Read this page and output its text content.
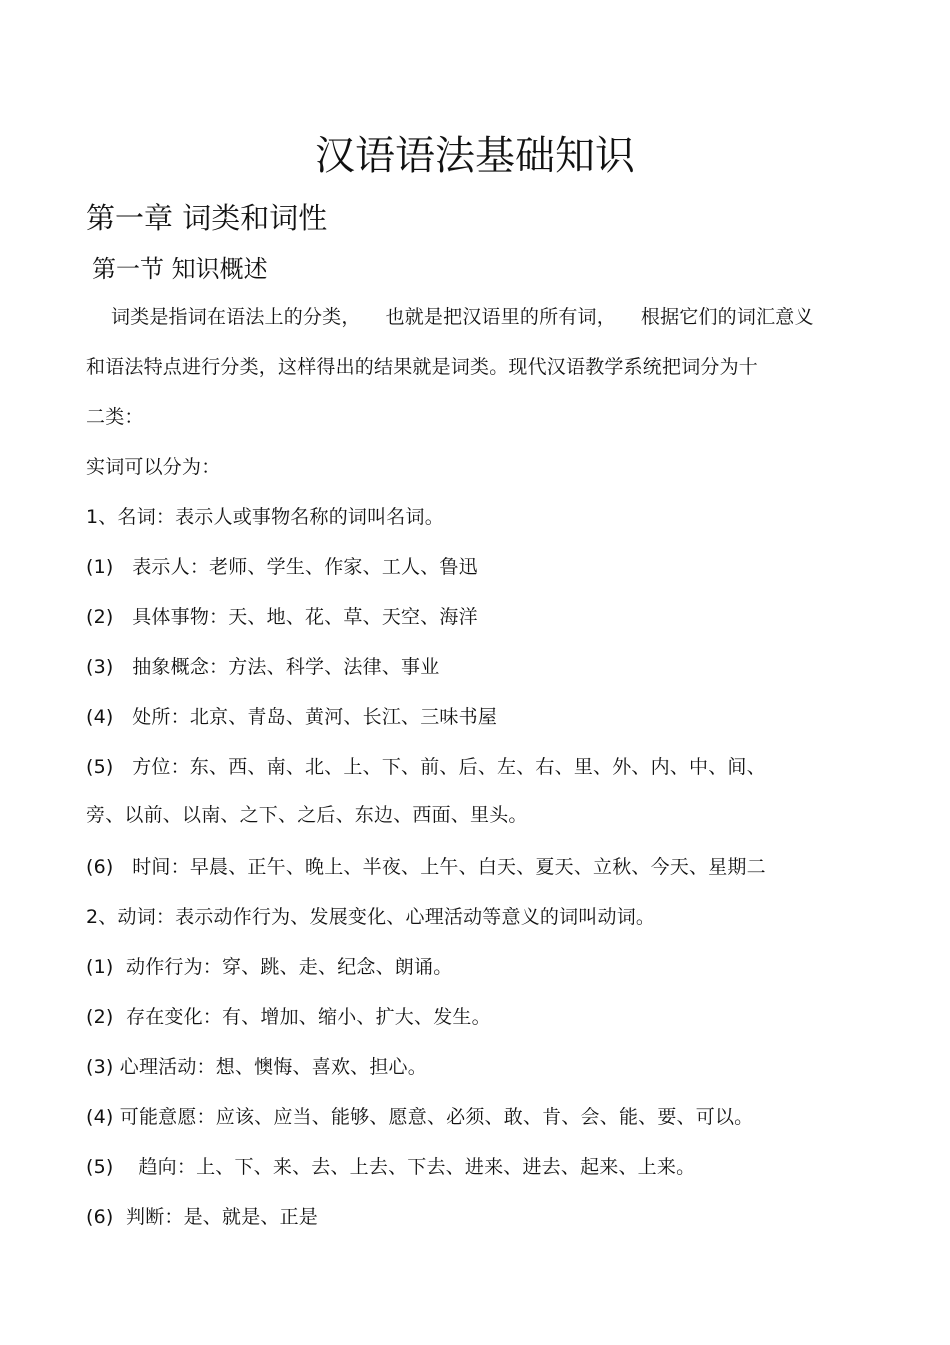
汉语语法基础知识
第一章 词类和词性
第一节 知识概述
词类是指词在语法上的分类，    也就是把汉语里的所有词，    根据它们的词汇意义
和语法特点进行分类，这样得出的结果就是词类。现代汉语教学系统把词分为十
二类：
实词可以分为：
1、名词：表示人或事物名称的词叫名词。
(1)   表示人：老师、学生、作家、工人、鲁迅
(2)   具体事物：天、地、花、草、天空、海洋
(3)   抽象概念：方法、科学、法律、事业
(4)   处所：北京、青岛、黄河、长江、三味书屋
(5)   方位：东、西、南、北、上、下、前、后、左、右、里、外、内、中、间、
旁、以前、以南、之下、之后、东边、西面、里头。
(6)   时间：早晨、正午、晚上、半夜、上午、白天、夏天、立秋、今天、星期二
2、动词：表示动作行为、发展变化、心理活动等意义的词叫动词。
(1)  动作行为：穿、跳、走、纪念、朗诵。
(2)  存在变化：有、增加、缩小、扩大、发生。
(3) 心理活动：想、懊悔、喜欢、担心。
(4) 可能意愿：应该、应当、能够、愿意、必须、敢、肯、会、能、要、可以。
(5)    趋向：上、下、来、去、上去、下去、进来、进去、起来、上来。
(6)  判断：是、就是、正是
